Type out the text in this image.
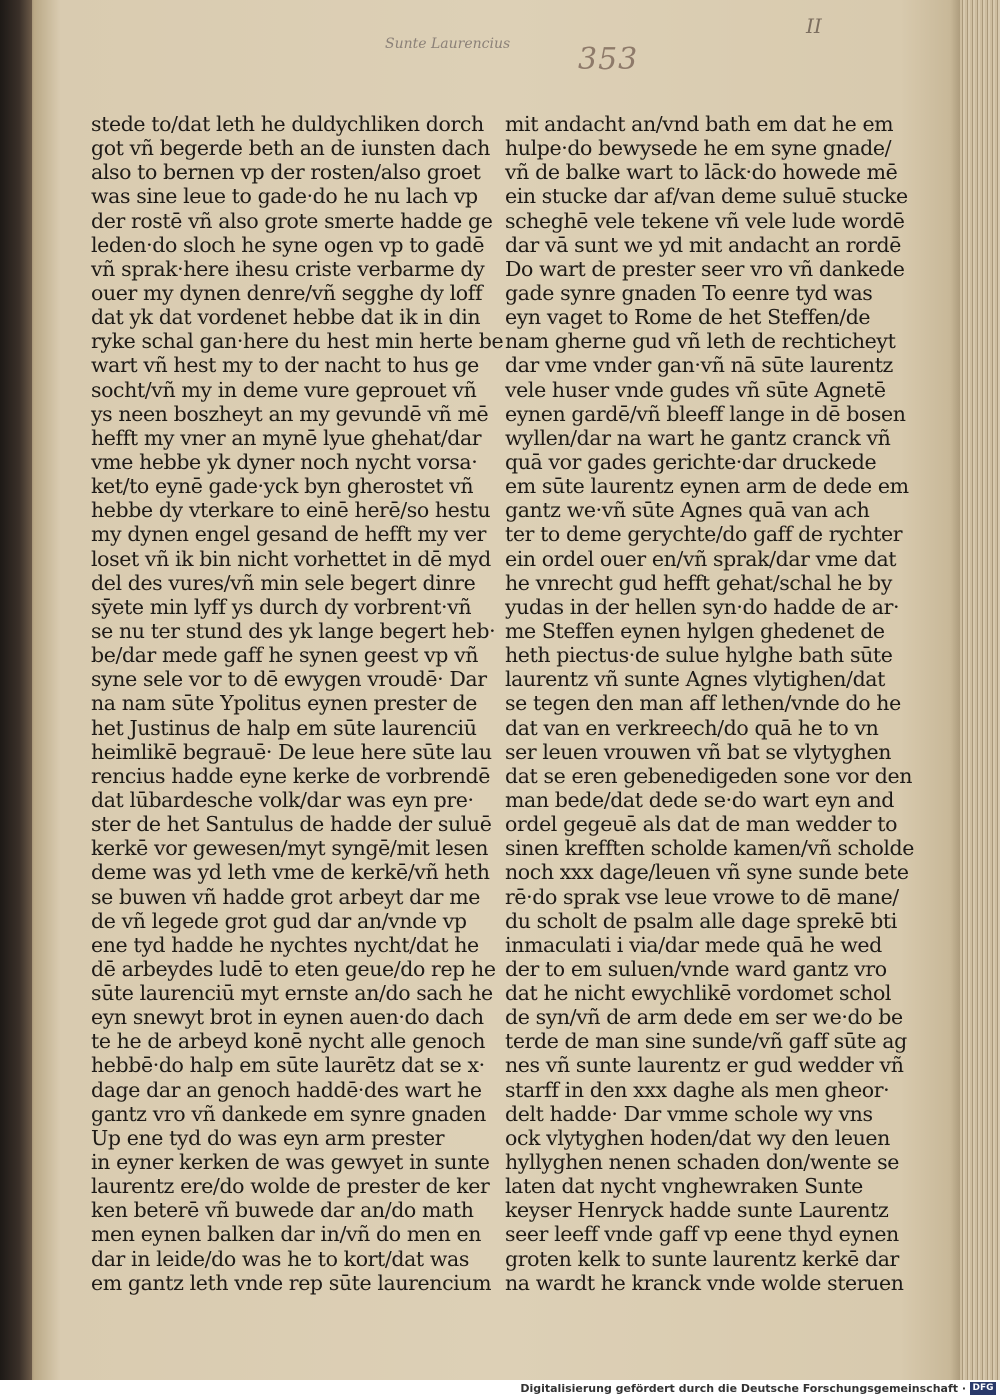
II
Sunte Laurencius 353
stede to/dat leth he duldychliken dorch
got vñ begerde beth an de iunsten dach
also to bernen vp der rosten/also groet
was sine leue to gade·do he nu lach vp
der rostē vñ also grote smerte hadde ge
leden·do sloch he syne ogen vp to gadē
vñ sprak·here ihesu criste verbarme dy
ouer my dynen denre/vñ segghe dy loff
dat yk dat vordenet hebbe dat ik in din
ryke schal gan·here du hest min herte be
wart vñ hest my to der nacht to hus ge
socht/vñ my in deme vure geprouet vñ
ys neen boszheyt an my gevundē vñ mē
hefft my vner an mynē lyue ghehat/dar
vme hebbe yk dyner noch nycht vorsa·
ket/to eynē gade·yck byn gherostet vñ
hebbe dy vterkare to einē herē/so hestu
my dynen engel gesand de hefft my ver
loset vñ ik bin nicht vorhettet in dē myd
del des vures/vñ min sele begert dinre
sȳete min lyff ys durch dy vorbrent·vñ
se nu ter stund des yk lange begert heb·
be/dar mede gaff he synen geest vp vñ
syne sele vor to dē ewygen vroudē· Dar
na nam sūte Ypolitus eynen prester de
het Justinus de halp em sūte laurenciū
heimlikē begrauē· De leue here sūte lau
rencius hadde eyne kerke de vorbrendē
dat lūbardesche volk/dar was eyn pre·
ster de het Santulus de hadde der suluē
kerkē vor gewesen/myt syngē/mit lesen
deme was yd leth vme de kerkē/vñ heth
se buwen vñ hadde grot arbeyt dar me
de vñ legede grot gud dar an/vnde vp
ene tyd hadde he nychtes nycht/dat he
dē arbeydes ludē to eten geue/do rep he
sūte laurenciū myt ernste an/do sach he
eyn snewyt brot in eynen auen·do dach
te he de arbeyd konē nycht alle genoch
hebbē·do halp em sūte laurētz dat se x·
dage dar an genoch haddē·des wart he
gantz vro vñ dankede em synre gnaden
Up ene tyd do was eyn arm prester
in eyner kerken de was gewyet in sunte
laurentz ere/do wolde de prester de ker
ken beterē vñ buwede dar an/do math
men eynen balken dar in/vñ do men en
dar in leide/do was he to kort/dat was
em gantz leth vnde rep sūte laurencium
mit andacht an/vnd bath em dat he em
hulpe·do bewysede he em syne gnade/
vñ de balke wart to lāck·do howede mē
ein stucke dar af/van deme suluē stucke
scheghē vele tekene vñ vele lude wordē
dar vā sunt we yd mit andacht an rordē
Do wart de prester seer vro vñ dankede
gade synre gnaden To eenre tyd was
eyn vaget to Rome de het Steffen/de
nam gherne gud vñ leth de rechticheyt
dar vme vnder gan·vñ nā sūte laurentz
vele huser vnde gudes vñ sūte Agnetē
eynen gardē/vñ bleeff lange in dē bosen
wyllen/dar na wart he gantz cranck vñ
quā vor gades gerichte·dar druckede
em sūte laurentz eynen arm de dede em
gantz we·vñ sūte Agnes quā van ach
ter to deme gerychte/do gaff de rychter
ein ordel ouer en/vñ sprak/dar vme dat
he vnrecht gud hefft gehat/schal he by
yudas in der hellen syn·do hadde de ar·
me Steffen eynen hylgen ghedenet de
heth piectus·de sulue hylghe bath sūte
laurentz vñ sunte Agnes vlytighen/dat
se tegen den man aff lethen/vnde do he
dat van en verkreech/do quā he to vn
ser leuen vrouwen vñ bat se vlytyghen
dat se eren gebenedigeden sone vor den
man bede/dat dede se·do wart eyn and
ordel gegeuē als dat de man wedder to
sinen krefften scholde kamen/vñ scholde
noch xxx dage/leuen vñ syne sunde bete
rē·do sprak vse leue vrowe to dē mane/
du scholt de psalm alle dage sprekē bti
inmaculati i via/dar mede quā he wed
der to em suluen/vnde ward gantz vro
dat he nicht ewychlikē vordomet schol
de syn/vñ de arm dede em ser we·do be
terde de man sine sunde/vñ gaff sūte ag
nes vñ sunte laurentz er gud wedder vñ
starff in den xxx daghe als men gheor·
delt hadde· Dar vmme schole wy vns
ock vlytyghen hoden/dat wy den leuen
hyllyghen nenen schaden don/wente se
laten dat nycht vnghewraken Sunte
keyser Henryck hadde sunte Laurentz
seer leeff vnde gaff vp eene thyd eynen
groten kelk to sunte laurentz kerkē dar
na wardt he kranck vnde wolde steruen
Digitalisierung gefördert durch die Deutsche Forschungsgemeinschaft · DFG
